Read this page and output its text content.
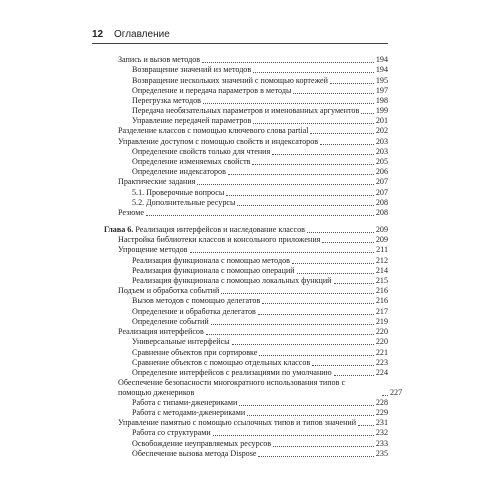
12 Оглавление
Запись и вызов методов	194
Возвращение значений из методов	194
Возвращение нескольких значений с помощью кортежей	195
Определение и передача параметров в методы	197
Перегрузка методов	198
Передача необязательных параметров и именованных аргументов 199
Управление передачей параметров	201
Разделение классов с помощью ключевого слова partial	202
Управление доступом с помощью свойств и индексаторов	203
Определение свойств только для чтения	203
Определение изменяемых свойств	205
Определение индексаторов	206
Практические задания	207
5.1. Проверочные вопросы	207
5.2. Дополнительные ресурсы	208
Резюме	208
Глава 6. Реализация интерфейсов и наследование классов	209
Настройка библиотеки классов и консольного приложения	209
Упрощение методов	211
Реализация функционала с помощью методов	212
Реализация функционала с помощью операций	214
Реализация функционала с помощью локальных функций	215
Подъем и обработка событий	216
Вызов методов с помощью делегатов	216
Определение и обработка делегатов	217
Определение событий	219
Реализация интерфейсов	220
Универсальные интерфейсы	220
Сравнение объектов при сортировке	221
Сравнение объектов с помощью отдельных классов	223
Определение интерфейсов с реализациями по умолчанию	224
Обеспечение безопасности многократного использования типов с помощью дженериков	227
Работа с типами-дженериками	228
Работа с методами-дженериками	229
Управление памятью с помощью ссылочных типов и типов значений 231
Работа со структурами	232
Освобождение неуправляемых ресурсов	233
Обеспечение вызова метода Dispose	235
